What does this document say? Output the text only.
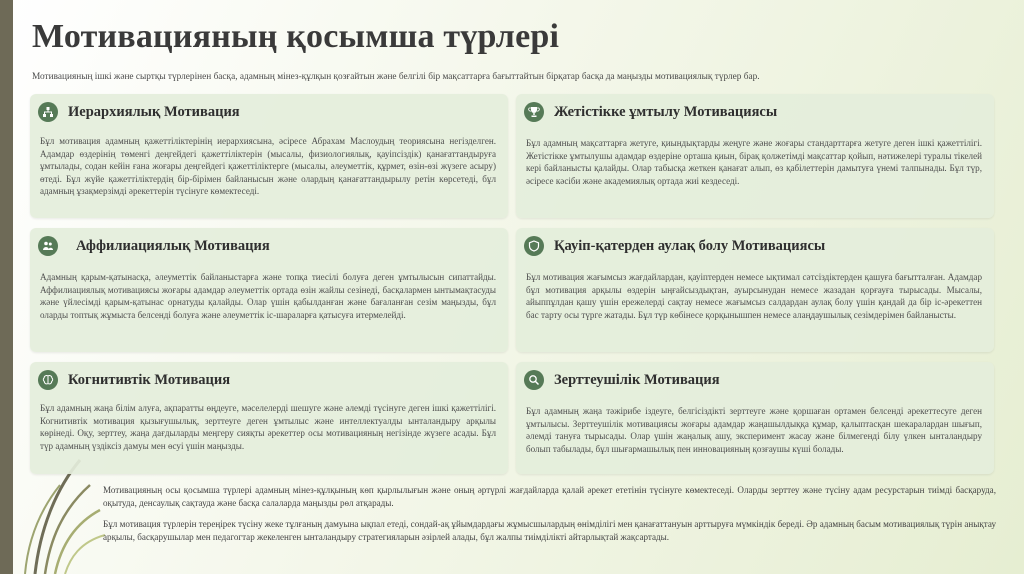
Мотивацияның қосымша түрлері
Мотивацияның ішкі және сыртқы түрлерінен басқа, адамның мінез-құлқын қозғайтын және белгілі бір мақсаттарға бағыттайтын бірқатар басқа да маңызды мотивациялық түрлер бар.
Иерархиялық Мотивация
Бұл мотивация адамның қажеттіліктерінің иерархиясына, әсіресе Абрахам Маслоудың теориясына негізделген. Адамдар өздерінің төменгі деңгейдегі қажеттіліктерін (мысалы, физиологиялық, қауіпсіздік) қанағаттандыруға ұмтылады, содан кейін ғана жоғары деңгейдегі қажеттіліктерге (мысалы, әлеуметтік, құрмет, өзін-өзі жүзеге асыру) өтеді. Бұл жүйе қажеттіліктердің бір-бірімен байланысын және олардың қанағаттандырылу ретін көрсетеді, бұл адамның ұзақмерзімді әрекеттерін түсінуге көмектеседі.
Жетістікке ұмтылу Мотивациясы
Бұл адамның мақсаттарға жетуге, қиындықтарды жеңуге және жоғары стандарттарға жетуге деген ішкі қажеттілігі. Жетістікке ұмтылушы адамдар өздеріне орташа қиын, бірақ қолжетімді мақсаттар қойып, нәтижелері туралы тікелей кері байланысты қалайды. Олар табысқа жеткен қанағат алып, өз қабілеттерін дамытуға үнемі талпынады. Бұл түр, әсіресе кәсіби және академиялық ортада жиі кездеседі.
Аффилиациялық Мотивация
Адамның қарым-қатынасқа, әлеуметтік байланыстарға және топқа тиесілі болуға деген ұмтылысын сипаттайды. Аффилиациялық мотивациясы жоғары адамдар әлеуметтік ортада өзін жайлы сезінеді, басқалармен ынтымақтасуды және үйлесімді қарым-қатынас орнатуды қалайды. Олар үшін қабылданған және бағаланған сезім маңызды, бұл оларды топтық жұмыста белсенді болуға және әлеуметтік іс-шараларға қатысуға итермелейді.
Қауіп-қатерден аулақ болу Мотивациясы
Бұл мотивация жағымсыз жағдайлардан, қауіптерден немесе ықтимал сәтсіздіктерден қашуға бағытталған. Адамдар бұл мотивация арқылы өздерін ыңғайсыздықтан, ауырсынудан немесе жазадан қорғауға тырысады. Мысалы, айыппұлдан қашу үшін ережелерді сақтау немесе жағымсыз салдардан аулақ болу үшін қандай да бір іс-әрекеттен бас тарту осы түрге жатады. Бұл түр көбінесе қорқынышпен немесе алаңдаушылық сезімдерімен байланысты.
Когнитивтік Мотивация
Бұл адамның жаңа білім алуға, ақпаратты өңдеуге, мәселелерді шешуге және әлемді түсінуге деген ішкі қажеттілігі. Когнитивтік мотивация қызығушылық, зерттеуге деген ұмтылыс және интеллектуалды ынталандыру арқылы көрінеді. Оқу, зерттеу, жаңа дағдыларды меңгеру сияқты әрекеттер осы мотивацияның негізінде жүзеге асады. Бұл түр адамның үздіксіз дамуы мен өсуі үшін маңызды.
Зерттеушілік Мотивация
Бұл адамның жаңа тәжірибе іздеуге, белгісіздікті зерттеуге және қоршаған ортамен белсенді әрекеттесуге деген ұмтылысы. Зерттеушілік мотивациясы жоғары адамдар жаңашылдыққа құмар, қалыптасқан шекаралардан шығып, әлемді тануға тырысады. Олар үшін жаңалық ашу, эксперимент жасау және білмегенді білу үлкен ынталандыру болып табылады, бұл шығармашылық пен инновацияның қозғаушы күші болады.
Мотивацияның осы қосымша түрлері адамның мінез-құлқының көп қырлылығын және оның әртүрлі жағдайларда қалай әрекет ететінін түсінуге көмектеседі. Оларды зерттеу және түсіну адам ресурстарын тиімді басқаруда, оқытуда, денсаулық сақтауда және басқа салаларда маңызды рөл атқарады.
Бұл мотивация түрлерін тереңірек түсіну жеке тұлғаның дамуына ықпал етеді, сондай-ақ ұйымдардағы жұмысшылардың өнімділігі мен қанағаттануын арттыруға мүмкіндік береді. Әр адамның басым мотивациялық түрін анықтау арқылы, басқарушылар мен педагогтар жекеленген ынталандыру стратегияларын әзірлей алады, бұл жалпы тиімділікті айтарлықтай жақсартады.
